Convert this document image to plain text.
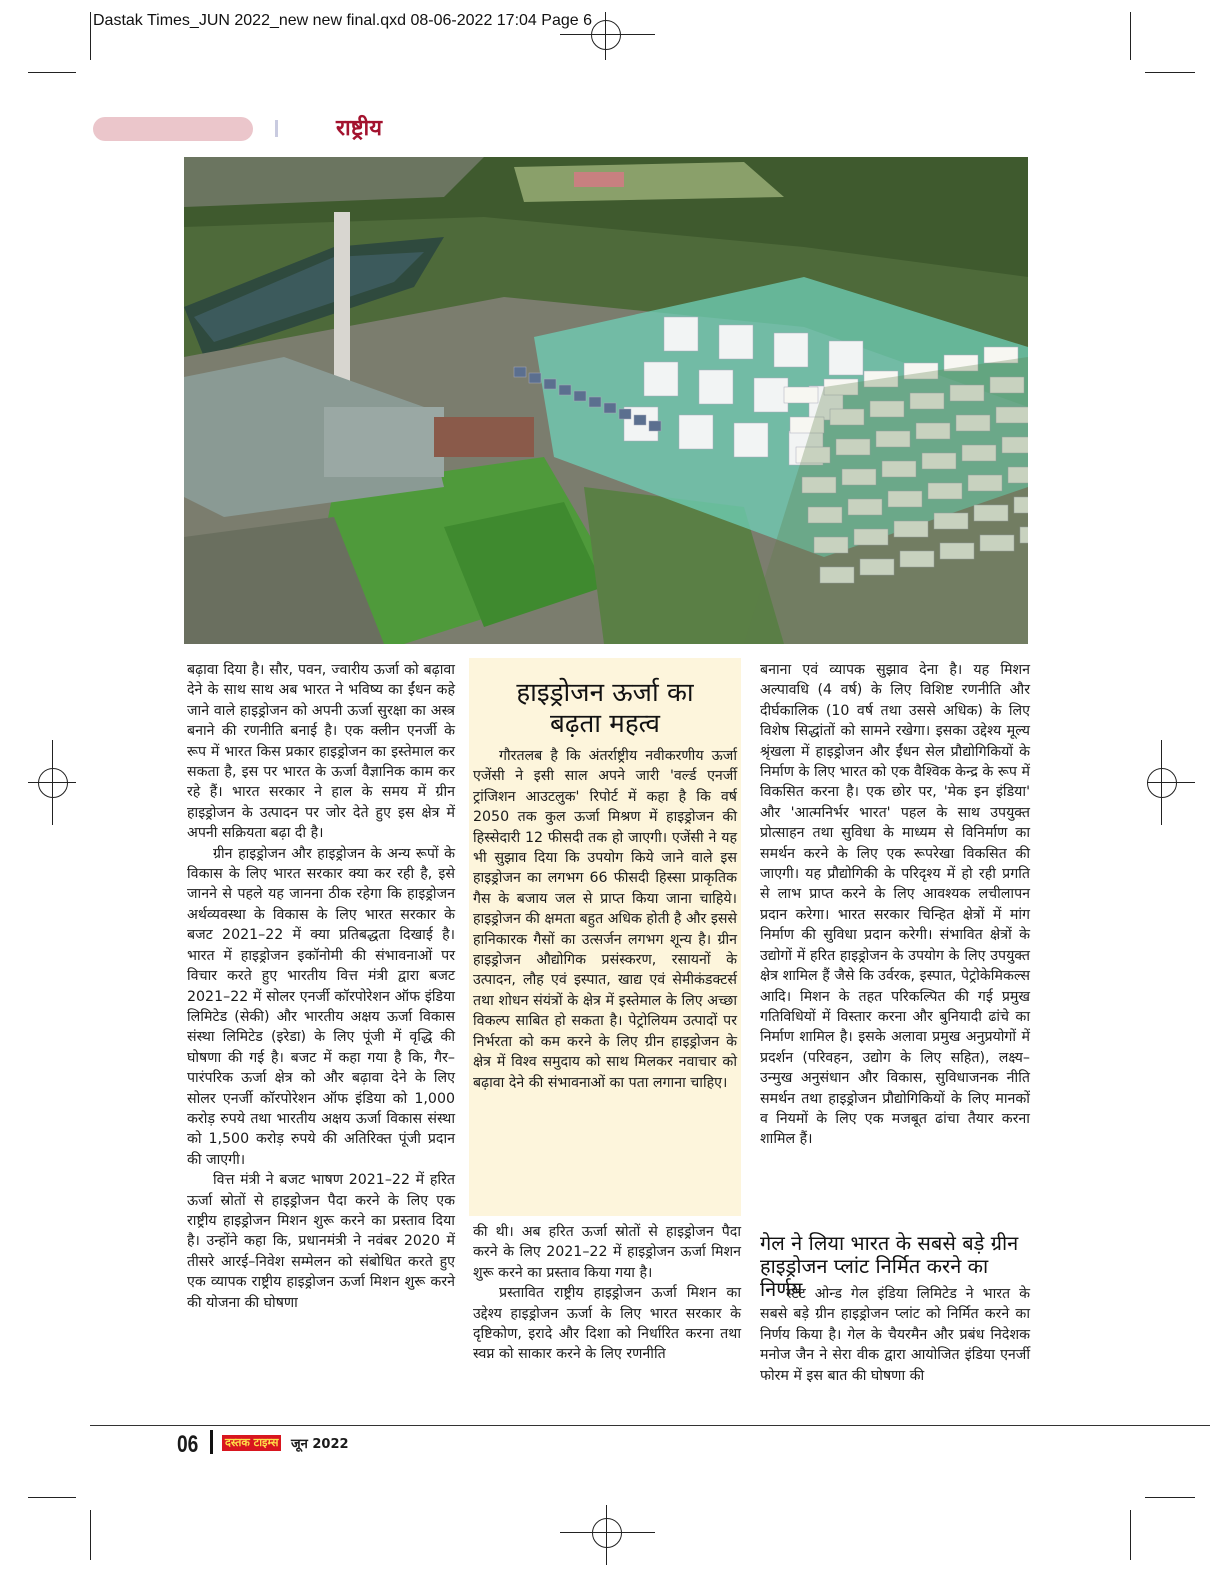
Dastak Times_JUN 2022_new new final.qxd 08-06-2022 17:04 Page 6
राष्ट्रीय

बढ़ावा दिया है। सौर, पवन, ज्वारीय ऊर्जा को बढ़ावा देने के साथ साथ अब भारत ने भविष्य का ईंधन कहे जाने वाले हाइड्रोजन को अपनी ऊर्जा सुरक्षा का अस्त्र बनाने की रणनीति बनाई है। एक क्लीन एनर्जी के रूप में भारत किस प्रकार हाइड्रोजन का इस्तेमाल कर सकता है, इस पर भारत के ऊर्जा वैज्ञानिक काम कर रहे हैं। भारत सरकार ने हाल के समय में ग्रीन हाइड्रोजन के उत्पादन पर जोर देते हुए इस क्षेत्र में अपनी सक्रियता बढ़ा दी है।

ग्रीन हाइड्रोजन और हाइड्रोजन के अन्य रूपों के विकास के लिए भारत सरकार क्या कर रही है, इसे जानने से पहले यह जानना ठीक रहेगा कि हाइड्रोजन अर्थव्यवस्था के विकास के लिए भारत सरकार के बजट 2021–22 में क्या प्रतिबद्धता दिखाई है। भारत में हाइड्रोजन इकॉनोमी की संभावनाओं पर विचार करते हुए भारतीय वित्त मंत्री द्वारा बजट 2021–22 में सोलर एनर्जी कॉरपोरेशन ऑफ इंडिया लिमिटेड (सेकी) और भारतीय अक्षय ऊर्जा विकास संस्था लिमिटेड (इरेडा) के लिए पूंजी में वृद्धि की घोषणा की गई है। बजट में कहा गया है कि, गैर–पारंपरिक ऊर्जा क्षेत्र को और बढ़ावा देने के लिए सोलर एनर्जी कॉरपोरेशन ऑफ इंडिया को 1,000 करोड़ रुपये तथा भारतीय अक्षय ऊर्जा विकास संस्था को 1,500 करोड़ रुपये की अतिरिक्त पूंजी प्रदान की जाएगी।

वित्त मंत्री ने बजट भाषण 2021–22 में हरित ऊर्जा स्रोतों से हाइड्रोजन पैदा करने के लिए एक राष्ट्रीय हाइड्रोजन मिशन शुरू करने का प्रस्ताव दिया है। उन्होंने कहा कि, प्रधानमंत्री ने नवंबर 2020 में तीसरे आरई–निवेश सम्मेलन को संबोधित करते हुए एक व्यापक राष्ट्रीय हाइड्रोजन ऊर्जा मिशन शुरू करने की योजना की घोषणा

हाइड्रोजन ऊर्जा का
बढ़ता महत्व

गौरतलब है कि अंतर्राष्ट्रीय नवीकरणीय ऊर्जा एजेंसी ने इसी साल अपने जारी 'वर्ल्ड एनर्जी ट्रांजिशन आउटलुक' रिपोर्ट में कहा है कि वर्ष 2050 तक कुल ऊर्जा मिश्रण में हाइड्रोजन की हिस्सेदारी 12 फीसदी तक हो जाएगी। एजेंसी ने यह भी सुझाव दिया कि उपयोग किये जाने वाले इस हाइड्रोजन का लगभग 66 फीसदी हिस्सा प्राकृतिक गैस के बजाय जल से प्राप्त किया जाना चाहिये। हाइड्रोजन की क्षमता बहुत अधिक होती है और इससे हानिकारक गैसों का उत्सर्जन लगभग शून्य है। ग्रीन हाइड्रोजन औद्योगिक प्रसंस्करण, रसायनों के उत्पादन, लौह एवं इस्पात, खाद्य एवं सेमीकंडक्टर्स तथा शोधन संयंत्रों के क्षेत्र में इस्तेमाल के लिए अच्छा विकल्प साबित हो सकता है। पेट्रोलियम उत्पादों पर निर्भरता को कम करने के लिए ग्रीन हाइड्रोजन के क्षेत्र में विश्व समुदाय को साथ मिलकर नवाचार को बढ़ावा देने की संभावनाओं का पता लगाना चाहिए।

की थी। अब हरित ऊर्जा स्रोतों से हाइड्रोजन पैदा करने के लिए 2021–22 में हाइड्रोजन ऊर्जा मिशन शुरू करने का प्रस्ताव किया गया है।

प्रस्तावित राष्ट्रीय हाइड्रोजन ऊर्जा मिशन का उद्देश्य हाइड्रोजन ऊर्जा के लिए भारत सरकार के दृष्टिकोण, इरादे और दिशा को निर्धारित करना तथा स्वप्न को साकार करने के लिए रणनीति

बनाना एवं व्यापक सुझाव देना है। यह मिशन अल्पावधि (4 वर्ष) के लिए विशिष्ट रणनीति और दीर्घकालिक (10 वर्ष तथा उससे अधिक) के लिए विशेष सिद्धांतों को सामने रखेगा। इसका उद्देश्य मूल्य श्रृंखला में हाइड्रोजन और ईंधन सेल प्रौद्योगिकियों के निर्माण के लिए भारत को एक वैश्विक केन्द्र के रूप में विकसित करना है। एक छोर पर, 'मेक इन इंडिया' और 'आत्मनिर्भर भारत' पहल के साथ उपयुक्त प्रोत्साहन तथा सुविधा के माध्यम से विनिर्माण का समर्थन करने के लिए एक रूपरेखा विकसित की जाएगी। यह प्रौद्योगिकी के परिदृश्य में हो रही प्रगति से लाभ प्राप्त करने के लिए आवश्यक लचीलापन प्रदान करेगा। भारत सरकार चिन्हित क्षेत्रों में मांग निर्माण की सुविधा प्रदान करेगी। संभावित क्षेत्रों के उद्योगों में हरित हाइड्रोजन के उपयोग के लिए उपयुक्त क्षेत्र शामिल हैं जैसे कि उर्वरक, इस्पात, पेट्रोकेमिकल्स आदि। मिशन के तहत परिकल्पित की गई प्रमुख गतिविधियों में विस्तार करना और बुनियादी ढांचे का निर्माण शामिल है। इसके अलावा प्रमुख अनुप्रयोगों में प्रदर्शन (परिवहन, उद्योग के लिए सहित), लक्ष्य–उन्मुख अनुसंधान और विकास, सुविधाजनक नीति समर्थन तथा हाइड्रोजन प्रौद्योगिकियों के लिए मानकों व नियमों के लिए एक मजबूत ढांचा तैयार करना शामिल हैं।

गेल ने लिया भारत के सबसे बड़े ग्रीन हाइड्रोजन प्लांट निर्मित करने का निर्णय

स्टेट ओन्ड गेल इंडिया लिमिटेड ने भारत के सबसे बड़े ग्रीन हाइड्रोजन प्लांट को निर्मित करने का निर्णय किया है। गेल के चैयरमैन और प्रबंध निदेशक मनोज जैन ने सेरा वीक द्वारा आयोजित इंडिया एनर्जी फोरम में इस बात की घोषणा की

06 दस्तक टाइम्स जून 2022
